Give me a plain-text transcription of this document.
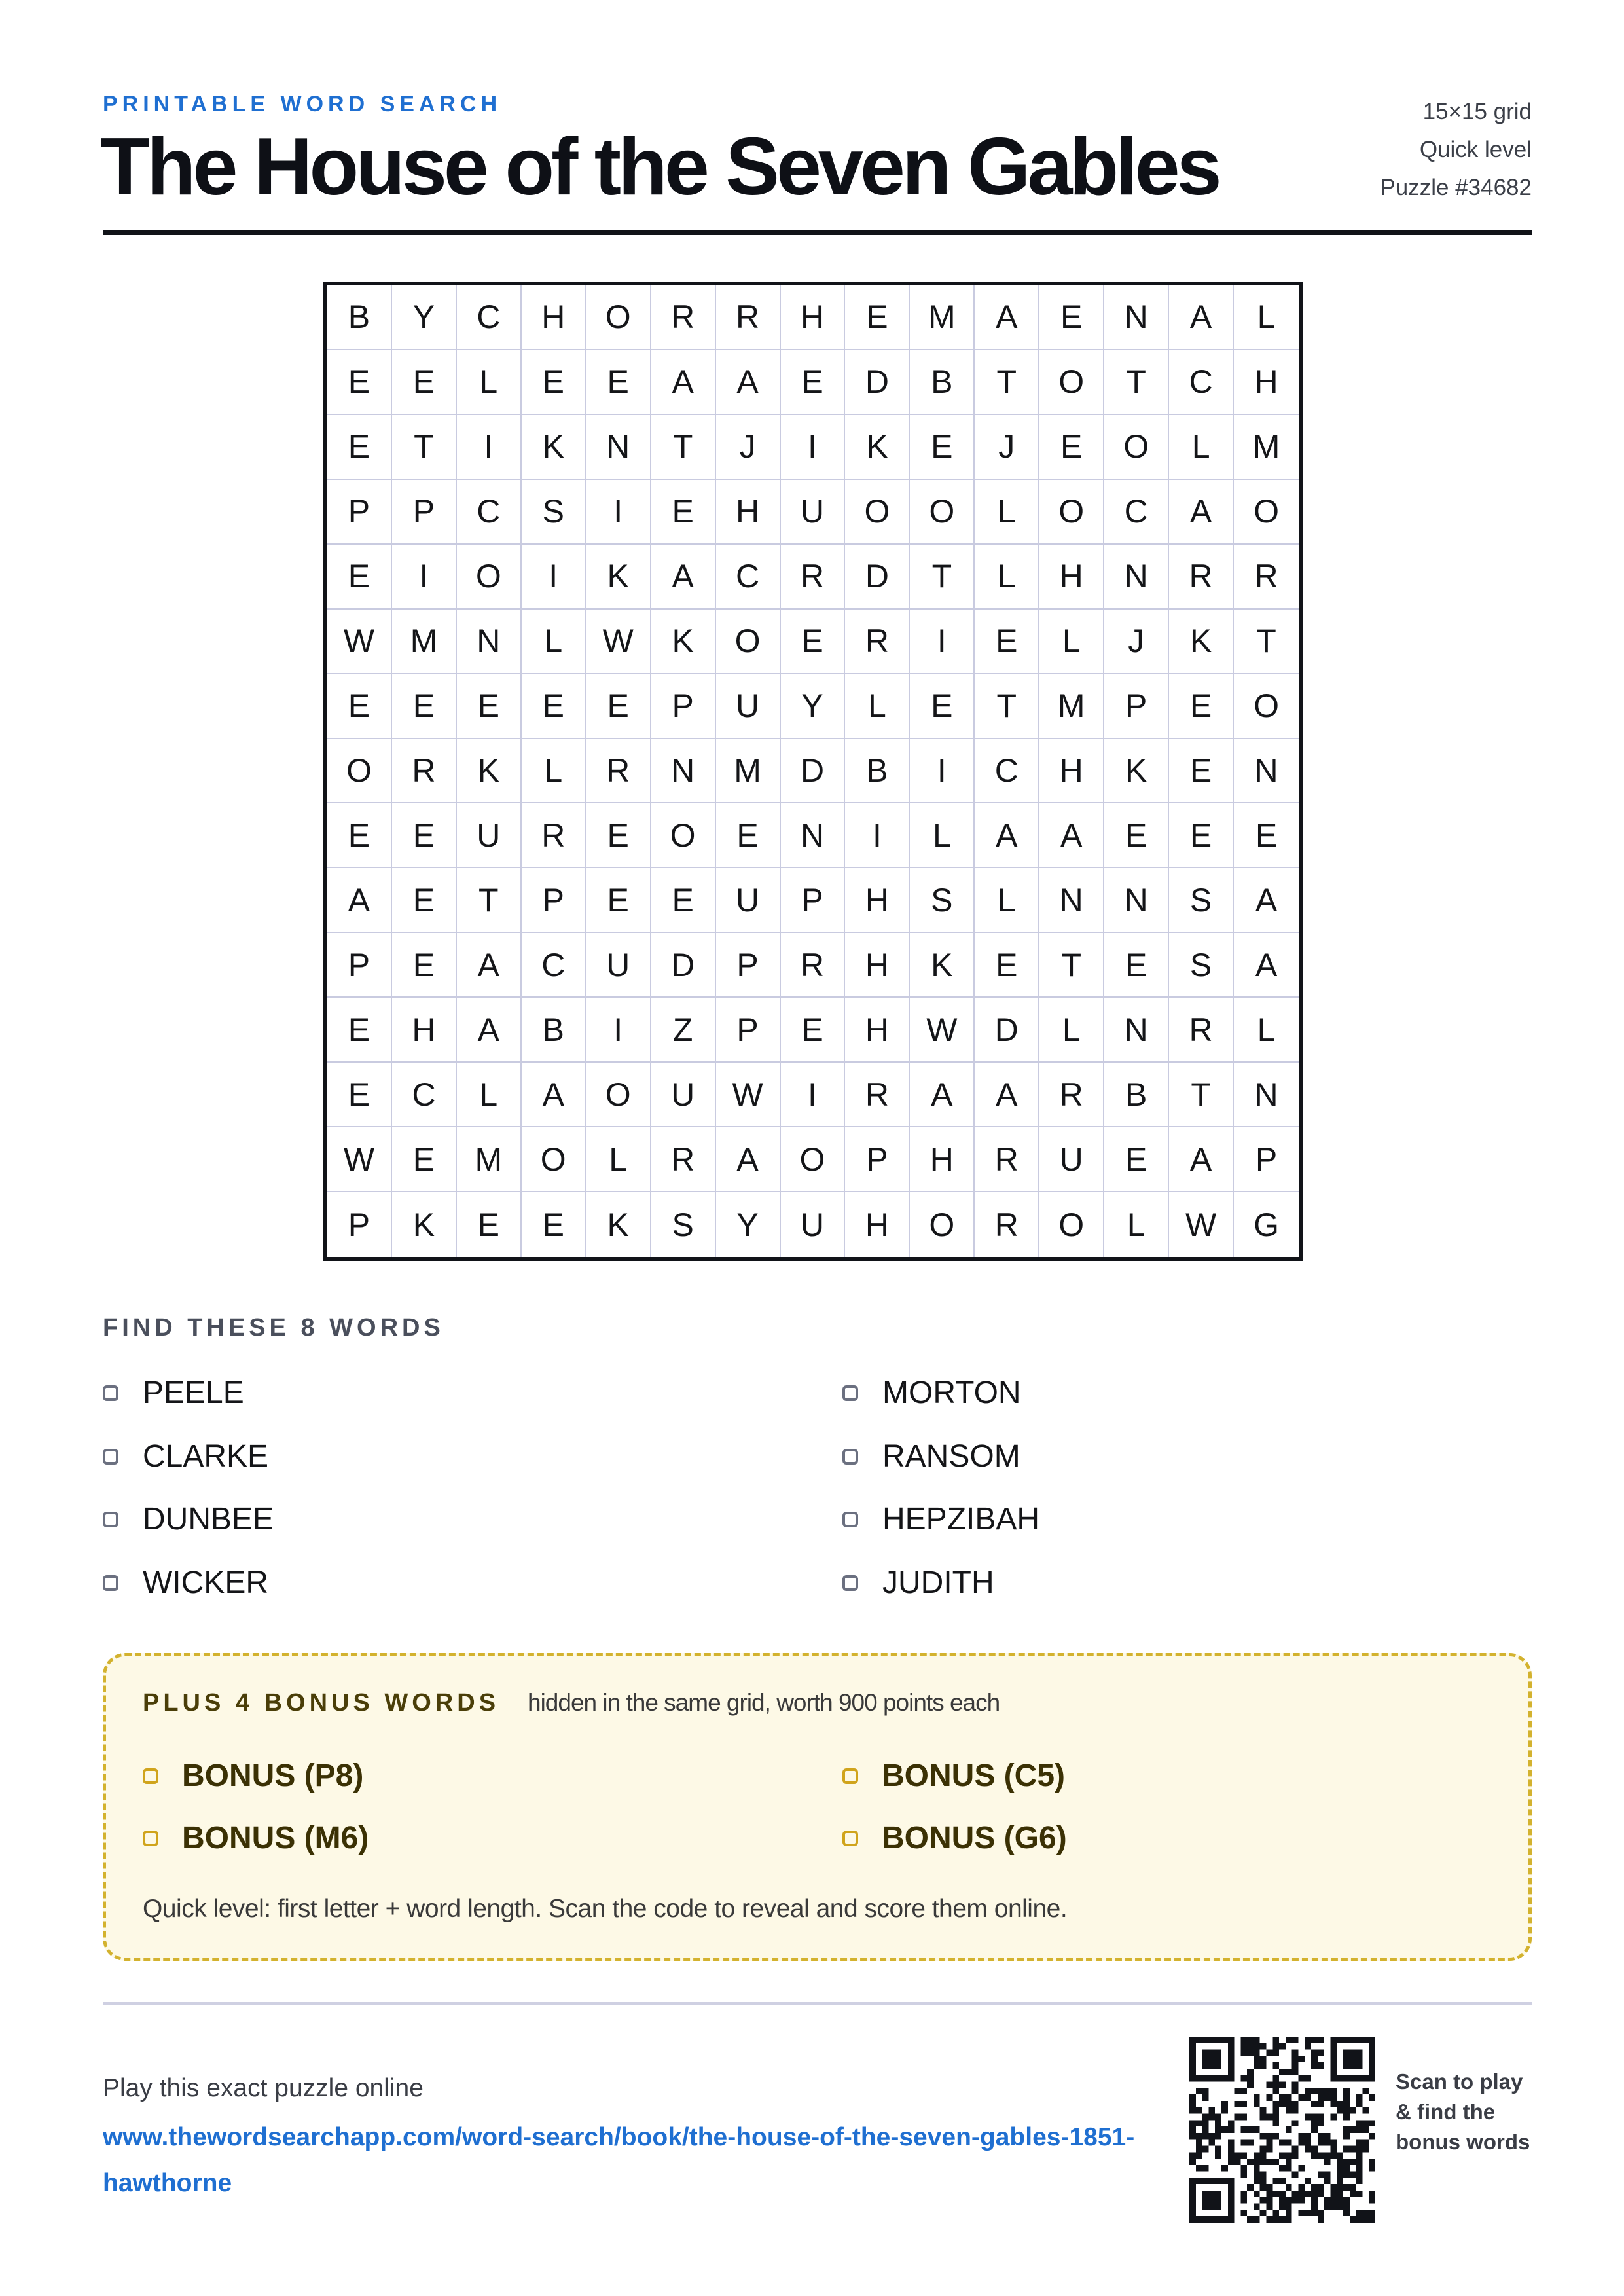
PRINTABLE WORD SEARCH
The House of the Seven Gables
15×15 grid
Quick level
Puzzle #34682
B	Y	C	H	O	R	R	H	E	M	A	E	N	A	L
E	E	L	E	E	A	A	E	D	B	T	O	T	C	H
E	T	I	K	N	T	J	I	K	E	J	E	O	L	M
P	P	C	S	I	E	H	U	O	O	L	O	C	A	O
E	I	O	I	K	A	C	R	D	T	L	H	N	R	R
W	M	N	L	W	K	O	E	R	I	E	L	J	K	T
E	E	E	E	E	P	U	Y	L	E	T	M	P	E	O
O	R	K	L	R	N	M	D	B	I	C	H	K	E	N
E	E	U	R	E	O	E	N	I	L	A	A	E	E	E
A	E	T	P	E	E	U	P	H	S	L	N	N	S	A
P	E	A	C	U	D	P	R	H	K	E	T	E	S	A
E	H	A	B	I	Z	P	E	H	W	D	L	N	R	L
E	C	L	A	O	U	W	I	R	A	A	R	B	T	N
W	E	M	O	L	R	A	O	P	H	R	U	E	A	P
P	K	E	E	K	S	Y	U	H	O	R	O	L	W	G
FIND THESE 8 WORDS
PEELE
CLARKE
DUNBEE
WICKER
MORTON
RANSOM
HEPZIBAH
JUDITH
PLUS 4 BONUS WORDS hidden in the same grid, worth 900 points each
BONUS (P8)
BONUS (M6)
BONUS (C5)
BONUS (G6)
Quick level: first letter + word length. Scan the code to reveal and score them online.
Play this exact puzzle online
www.thewordsearchapp.com/word-search/book/the-house-of-the-seven-gables-1851-hawthorne
Scan to play & find the bonus words
